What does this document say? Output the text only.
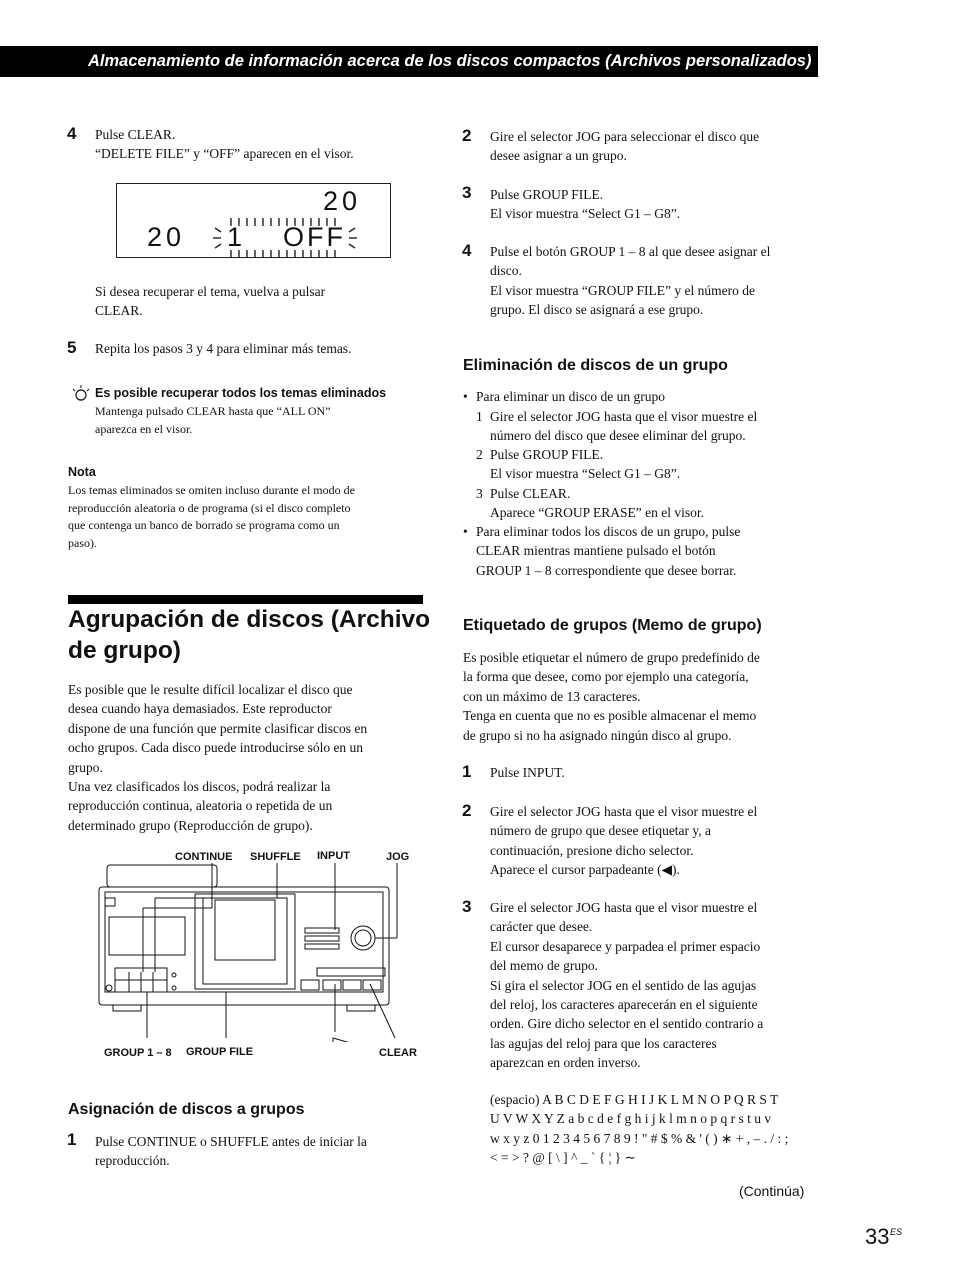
Almacenamiento de información acerca de los discos compactos (Archivos personalizados)
4 Pulse CLEAR.
“DELETE FILE” y “OFF” aparecen en el visor.
20
20 1 OFF
Si desea recuperar el tema, vuelva a pulsar
CLEAR.
5 Repita los pasos 3 y 4 para eliminar más temas.
Es posible recuperar todos los temas eliminados
Mantenga pulsado CLEAR hasta que “ALL ON”
aparezca en el visor.
Nota
Los temas eliminados se omiten incluso durante el modo de
reproducción aleatoria o de programa (si el disco completo
que contenga un banco de borrado se programa como un
paso).
Agrupación de discos (Archivo
de grupo)
Es posible que le resulte difícil localizar el disco que
desea cuando haya demasiados. Este reproductor
dispone de una función que permite clasificar discos en
ocho grupos. Cada disco puede introducirse sólo en un
grupo.
Una vez clasificados los discos, podrá realizar la
reproducción continua, aleatoria o repetida de un
determinado grupo (Reproducción de grupo).
CONTINUE SHUFFLE INPUT	JOG
GROUP 1 – 8 GROUP FILE	CLEAR
Asignación de discos a grupos
1 Pulse CONTINUE o SHUFFLE antes de iniciar la
reproducción.
2 Gire el selector JOG para seleccionar el disco que
desee asignar a un grupo.
3 Pulse GROUP FILE.
El visor muestra “Select G1 – G8”.
4 Pulse el botón GROUP 1 – 8 al que desee asignar el
disco.
El visor muestra “GROUP FILE” y el número de
grupo. El disco se asignará a ese grupo.
Eliminación de discos de un grupo
• Para eliminar un disco de un grupo
1 Gire el selector JOG hasta que el visor muestre el
número del disco que desee eliminar del grupo.
2 Pulse GROUP FILE.
El visor muestra “Select G1 – G8”.
3 Pulse CLEAR.
Aparece “GROUP ERASE” en el visor.
• Para eliminar todos los discos de un grupo, pulse
CLEAR mientras mantiene pulsado el botón
GROUP 1 – 8 correspondiente que desee borrar.
Etiquetado de grupos (Memo de grupo)
Es posible etiquetar el número de grupo predefinido de
la forma que desee, como por ejemplo una categoría,
con un máximo de 13 caracteres.
Tenga en cuenta que no es posible almacenar el memo
de grupo si no ha asignado ningún disco al grupo.
1 Pulse INPUT.
2 Gire el selector JOG hasta que el visor muestre el
número de grupo que desee etiquetar y, a
continuación, presione dicho selector.
Aparece el cursor parpadeante (◀).
3 Gire el selector JOG hasta que el visor muestre el
carácter que desee.
El cursor desaparece y parpadea el primer espacio
del memo de grupo.
Si gira el selector JOG en el sentido de las agujas
del reloj, los caracteres aparecerán en el siguiente
orden. Gire dicho selector en el sentido contrario a
las agujas del reloj para que los caracteres
aparezcan en orden inverso.
(espacio) A B C D E F G H I J K L M N O P Q R S T
U V W X Y Z a b c d e f g h i j k l m n o p q r s t u v
w x y z 0 1 2 3 4 5 6 7 8 9 ! " # $ % & ' ( ) ∗ + , – . / : ;
< = > ? @ [ \ ] ^ _ ` { ¦ } ∼
(Continúa)
33 ES
